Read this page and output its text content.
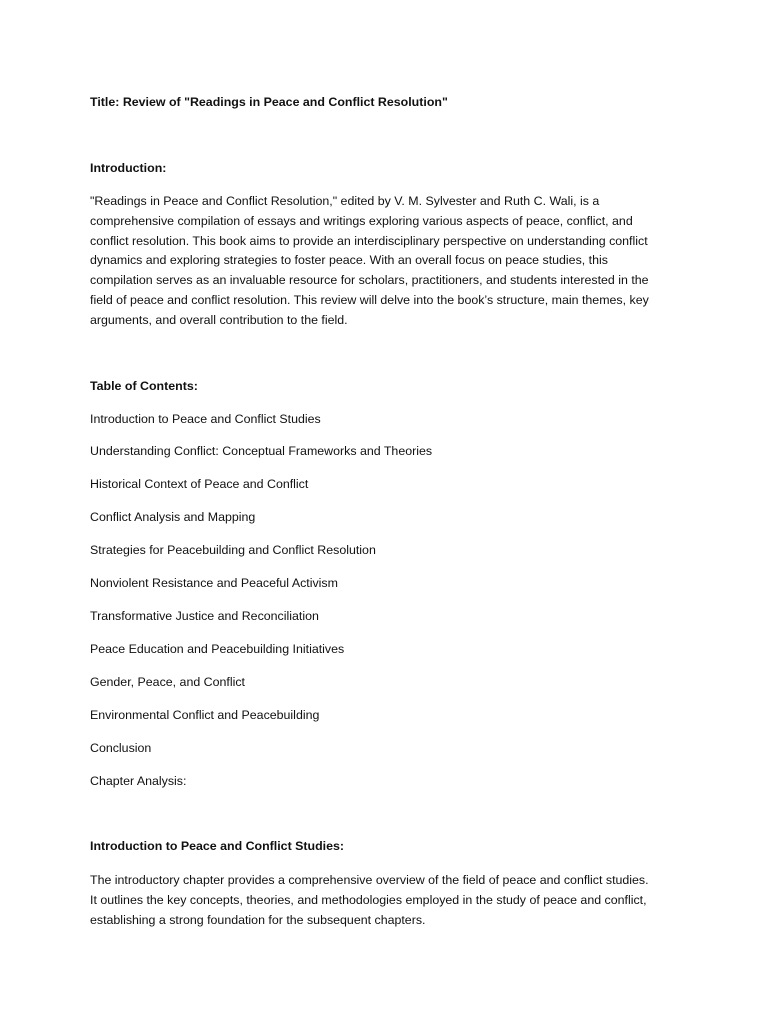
Title: Review of "Readings in Peace and Conflict Resolution"

Introduction:

"Readings in Peace and Conflict Resolution," edited by V. M. Sylvester and Ruth C. Wali, is a

comprehensive compilation of essays and writings exploring various aspects of peace, conflict, and

conflict resolution. This book aims to provide an interdisciplinary perspective on understanding conflict

dynamics and exploring strategies to foster peace. With an overall focus on peace studies, this

compilation serves as an invaluable resource for scholars, practitioners, and students interested in the

field of peace and conflict resolution. This review will delve into the book’s structure, main themes, key

arguments, and overall contribution to the field.

Table of Contents:

Introduction to Peace and Conflict Studies

Understanding Conflict: Conceptual Frameworks and Theories

Historical Context of Peace and Conflict

Conflict Analysis and Mapping

Strategies for Peacebuilding and Conflict Resolution

Nonviolent Resistance and Peaceful Activism

Transformative Justice and Reconciliation

Peace Education and Peacebuilding Initiatives

Gender, Peace, and Conflict

Environmental Conflict and Peacebuilding

Conclusion

Chapter Analysis:

Introduction to Peace and Conflict Studies:

The introductory chapter provides a comprehensive overview of the field of peace and conflict studies.

It outlines the key concepts, theories, and methodologies employed in the study of peace and conflict,

establishing a strong foundation for the subsequent chapters.
